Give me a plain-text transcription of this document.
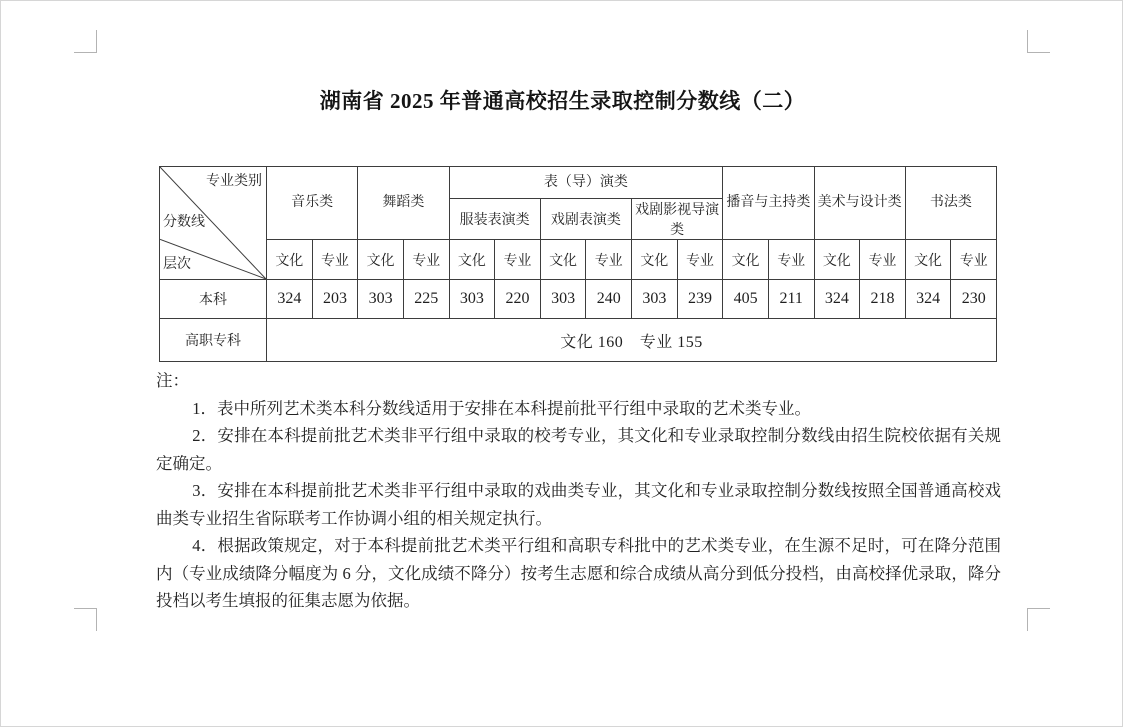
湖南省 2025 年普通高校招生录取控制分数线（二）
专业类别
分数线
层次	音乐类		舞蹈类		表（导）演类						播音与主持类		美术与设计类		书法类	
					服装表演类		戏剧表演类		戏剧影视导演类							
	文化	专业	文化	专业	文化	专业	文化	专业	文化	专业	文化	专业	文化	专业	文化	专业
本科	324	203	303	225	303	220	303	240	303	239	405	211	324	218	324	230
高职专科	文化 160　专业 155															

注：

1．表中所列艺术类本科分数线适用于安排在本科提前批平行组中录取的艺术类专业。

2．安排在本科提前批艺术类非平行组中录取的校考专业，其文化和专业录取控制分数线由招生院校依据有关规定确定。

3．安排在本科提前批艺术类非平行组中录取的戏曲类专业，其文化和专业录取控制分数线按照全国普通高校戏曲类专业招生省际联考工作协调小组的相关规定执行。

4．根据政策规定，对于本科提前批艺术类平行组和高职专科批中的艺术类专业，在生源不足时，可在降分范围内（专业成绩降分幅度为 6 分，文化成绩不降分）按考生志愿和综合成绩从高分到低分投档，由高校择优录取，降分投档以考生填报的征集志愿为依据。
